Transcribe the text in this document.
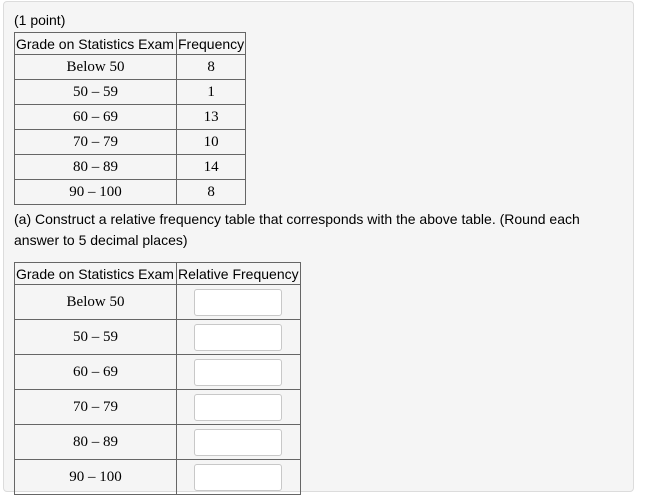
(1 point)
Grade on Statistics Exam	Frequency
Below 50	8
50 – 59	1
60 – 69	13
70 – 79	10
80 – 89	14
90 – 100	8
(a) Construct a relative frequency table that corresponds with the above table. (Round each answer to 5 decimal places)
Grade on Statistics Exam	Relative Frequency
Below 50	

50 – 59	

60 – 69	

70 – 79	

80 – 89	

90 – 100	
